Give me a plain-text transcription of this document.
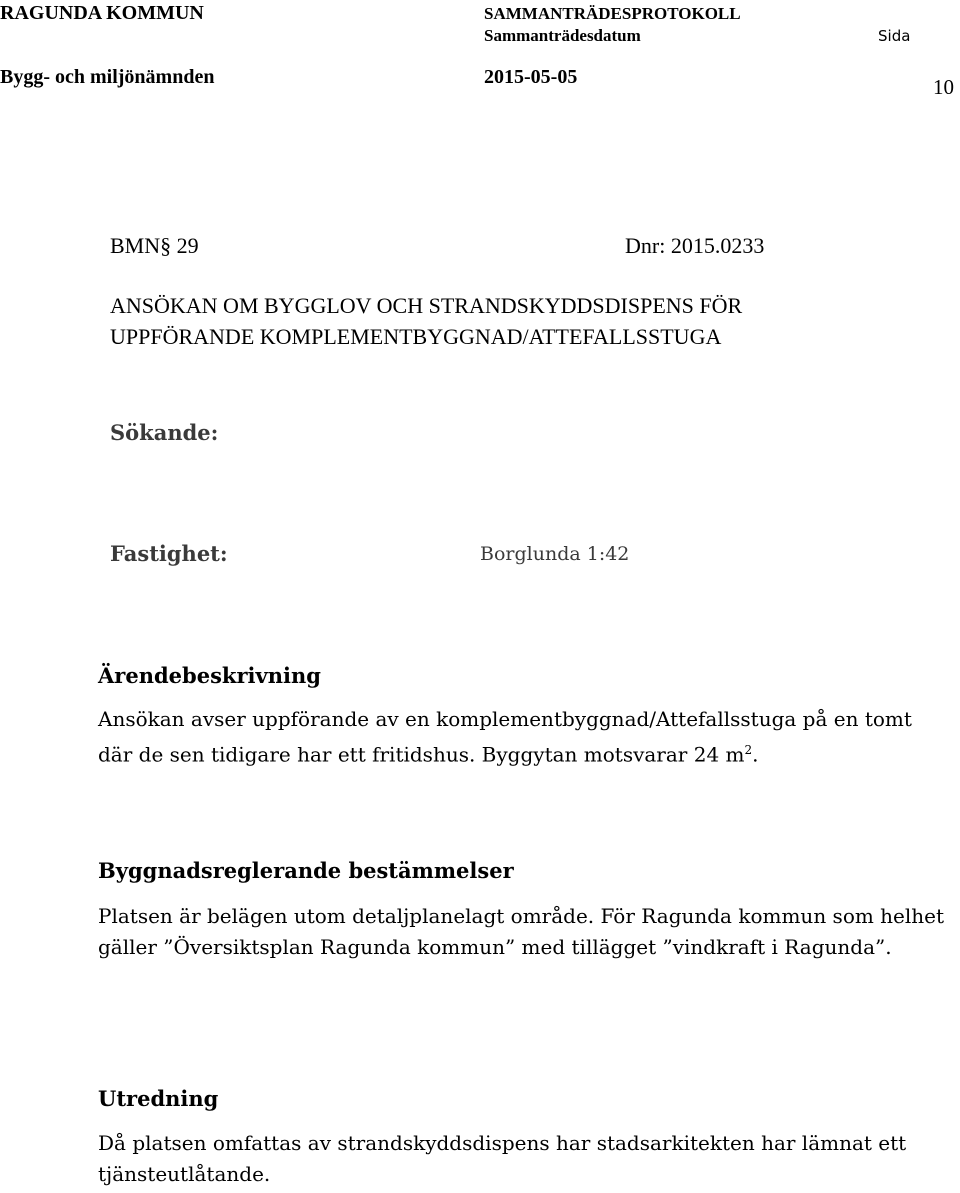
RAGUNDA KOMMUN
Bygg- och miljönämnden
SAMMANTRÄDESPROTOKOLL
Sammanträdesdatum
2015-05-05
Sida
10
BMN§ 29	Dnr: 2015.0233
ANSÖKAN OM BYGGLOV OCH STRANDSKYDDSDISPENS FÖR
UPPFÖRANDE KOMPLEMENTBYGGNAD/ATTEFALLSSTUGA
Sökande:
Fastighet:	Borglunda 1:42
Ärendebeskrivning
Ansökan avser uppförande av en komplementbyggnad/Attefallsstuga på en tomt
där de sen tidigare har ett fritidshus. Byggytan motsvarar 24 $m^2$.
Byggnadsreglerande bestämmelser
Platsen är belägen utom detaljplanelagt område. För Ragunda kommun som helhet gäller ”Översiktsplan Ragunda kommun” med tillägget ”vindkraft i Ragunda”.
Utredning
Då platsen omfattas av strandskyddsdispens har stadsarkitekten har lämnat ett tjänsteutlåtande.
